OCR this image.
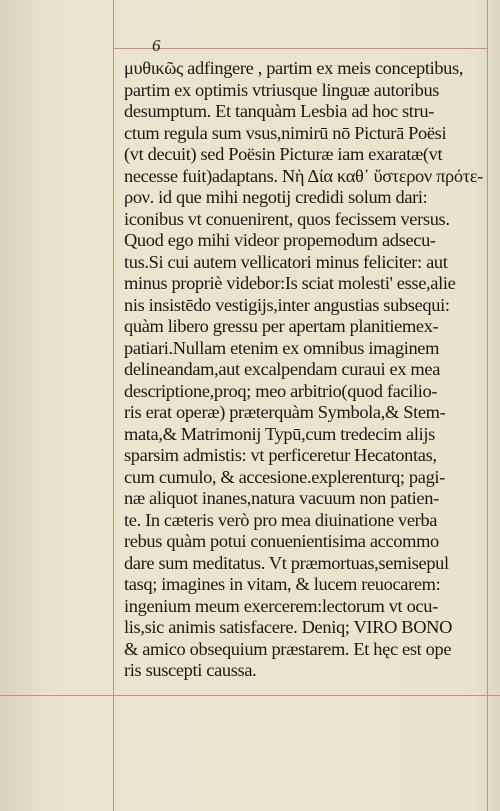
6
μυθικῶς adfingere , partim ex meis conceptibus,
partim ex optimis vtriusque linguæ autoribus
desumptum. Et tanquàm Lesbia ad hoc stru-
ctum regula sum vsus,nimirū nō Picturā Poësi
(vt decuit) sed Poësin Picturæ iam exaratæ(vt
necesse fuit)adaptans. Νὴ Δία καθ᾽ ὕστερον πρότε-
ρον. id que mihi negotij credidi solum dari:
iconibus vt conuenirent, quos fecissem versus.
Quod ego mihi videor propemodum adsecu-
tus.Si cui autem vellicatori minus feliciter: aut
minus propriè videbor:Is sciat molesti' esse,alie
nis insistēdo vestigijs,inter angustias subsequi:
quàm libero gressu per apertam planitiemex-
patiari.Nullam etenim ex omnibus imaginem
delineandam,aut excalpendam curaui ex mea
descriptione,proq; meo arbitrio(quod facilio-
ris erat operæ) præterquàm Symbola,& Stem-
mata,& Matrimonij Typū,cum tredecim alijs
sparsim admistis: vt perficeretur Hecatontas,
cum cumulo, & accesione.explerenturq; pagi-
næ aliquot inanes,natura vacuum non patien-
te. In cæteris verò pro mea diuinatione verba
rebus quàm potui conuenientisima accommo
dare sum meditatus. Vt præmortuas,semisepul
tasq; imagines in vitam, & lucem reuocarem:
ingenium meum exercerem:lectorum vt ocu-
lis,sic animis satisfacere. Deniq; VIRO BONO
& amico obsequium præstarem. Et hęc est ope
ris suscepti caussa.
